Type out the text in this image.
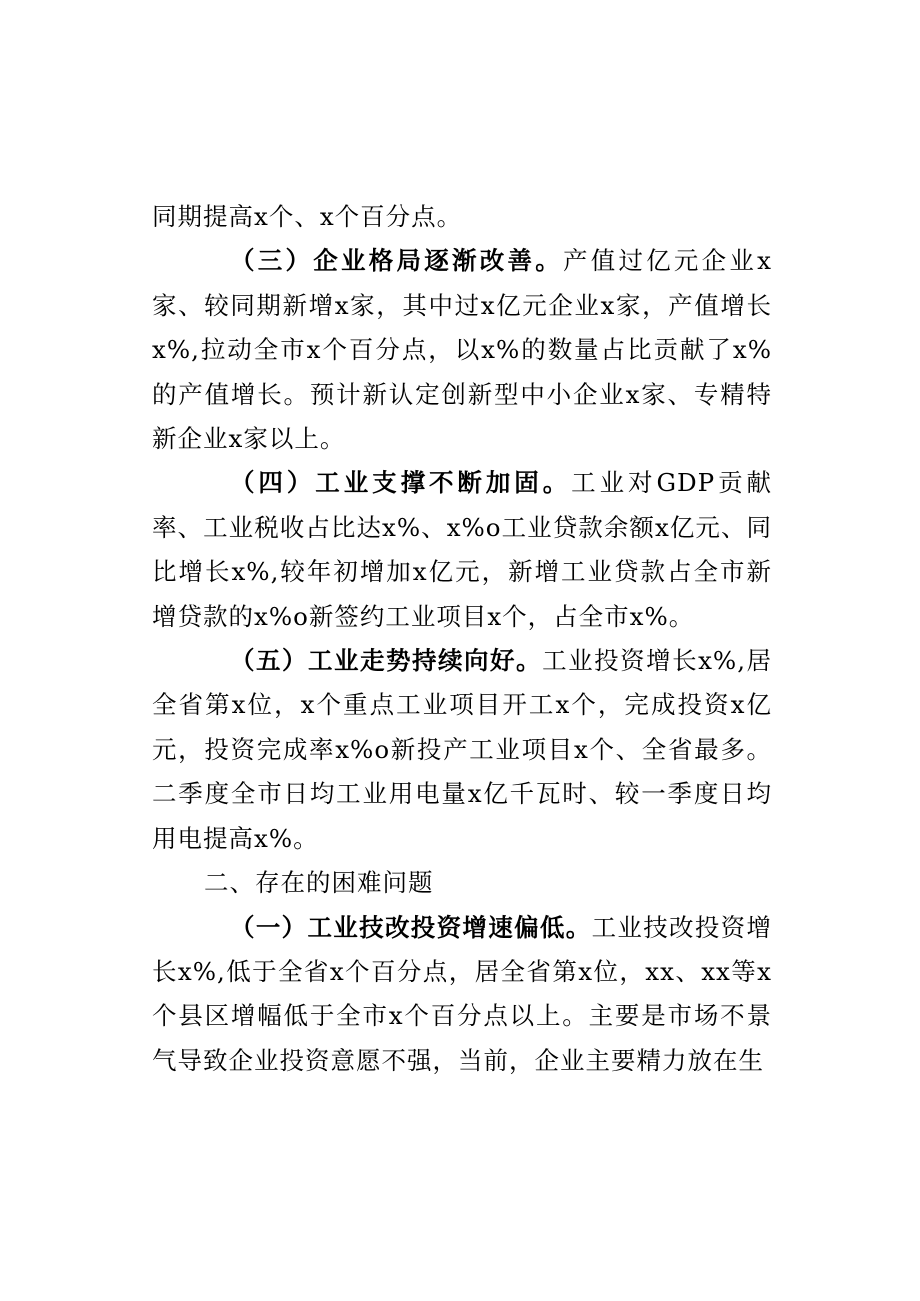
同期提高x个、x个百分点。

（三）企业格局逐渐改善。产值过亿元企业x家、较同期新增x家，其中过x亿元企业x家，产值增长x%,拉动全市x个百分点，以x%的数量占比贡献了x%的产值增长。预计新认定创新型中小企业x家、专精特新企业x家以上。

（四）工业支撑不断加固。工业对GDP贡献率、工业税收占比达x%、x%o工业贷款余额x亿元、同比增长x%,较年初增加x亿元，新增工业贷款占全市新增贷款的x%o新签约工业项目x个，占全市x%。

（五）工业走势持续向好。工业投资增长x%,居全省第x位，x个重点工业项目开工x个，完成投资x亿元，投资完成率x%o新投产工业项目x个、全省最多。二季度全市日均工业用电量x亿千瓦时、较一季度日均用电提高x%。

二、存在的困难问题

（一）工业技改投资增速偏低。工业技改投资增长x%,低于全省x个百分点，居全省第x位，xx、xx等x个县区增幅低于全市x个百分点以上。主要是市场不景气导致企业投资意愿不强，当前，企业主要精力放在生
